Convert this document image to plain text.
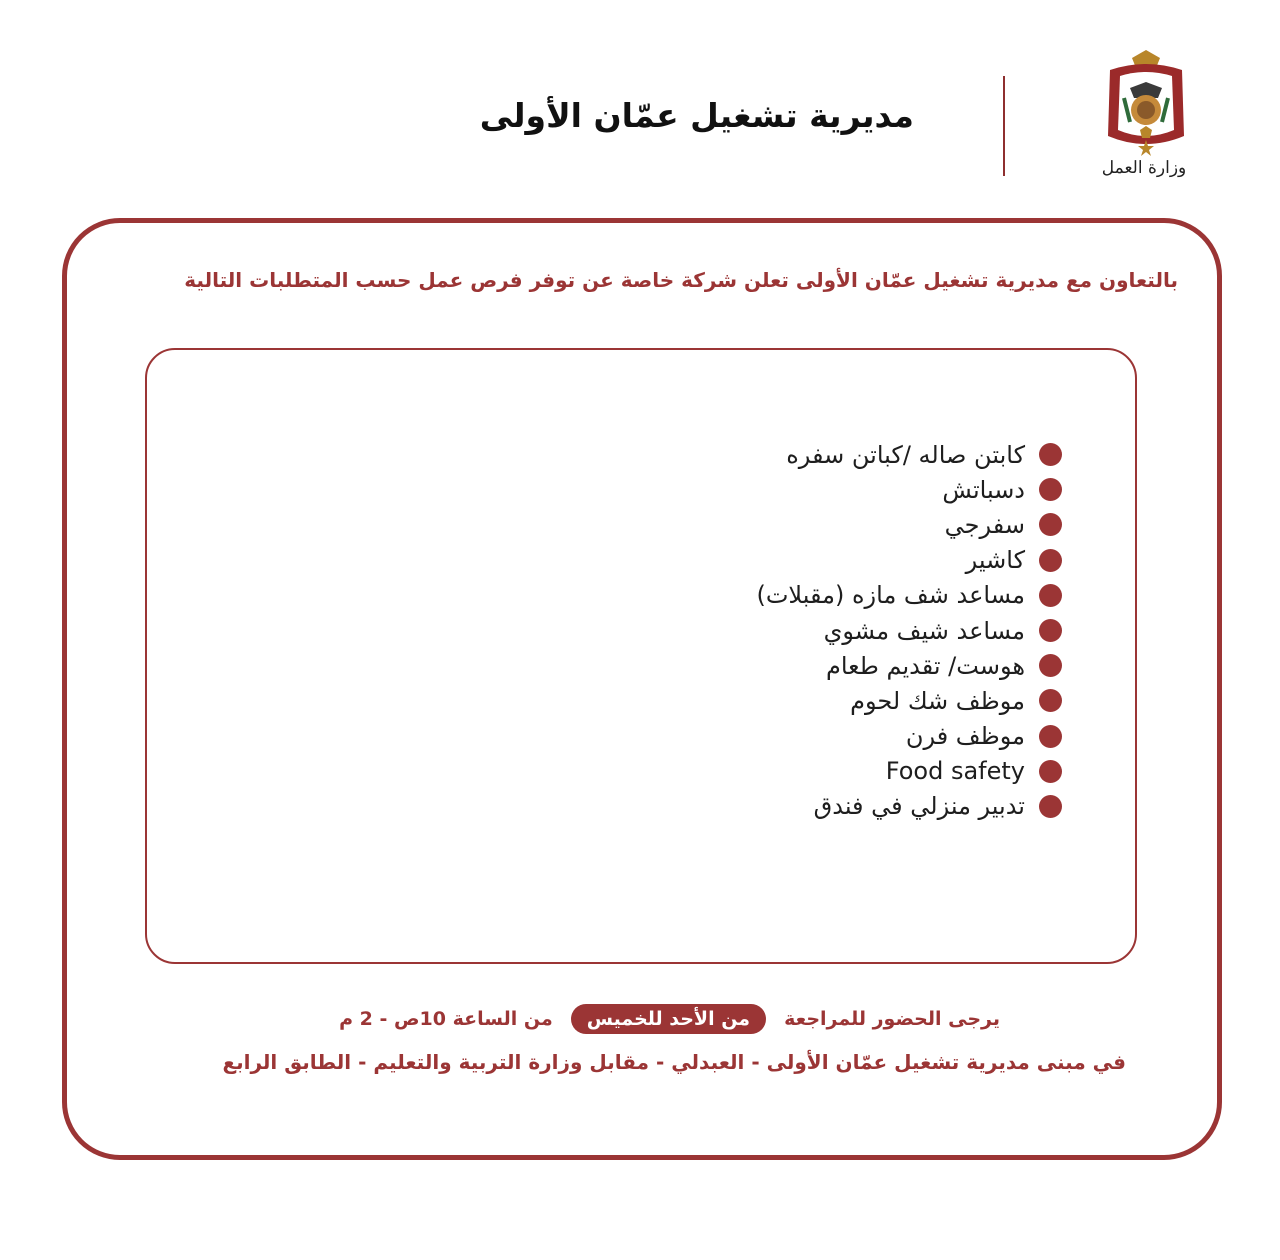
مديرية تشغيل عمّان الأولى
وزارة العمل
بالتعاون مع مديرية تشغيل عمّان الأولى تعلن شركة خاصة عن توفر فرص عمل حسب المتطلبات التالية
كابتن صاله /كباتن سفره
دسباتش
سفرجي
كاشير
مساعد شف مازه (مقبلات)
مساعد شيف مشوي
هوست/ تقديم طعام
موظف شك لحوم
موظف فرن
Food safety
تدبير منزلي في فندق
يرجى الحضور للمراجعة
من الأحد للخميس
من الساعة 10ص - 2 م
في مبنى مديرية تشغيل عمّان الأولى - العبدلي - مقابل وزارة التربية والتعليم - الطابق الرابع
